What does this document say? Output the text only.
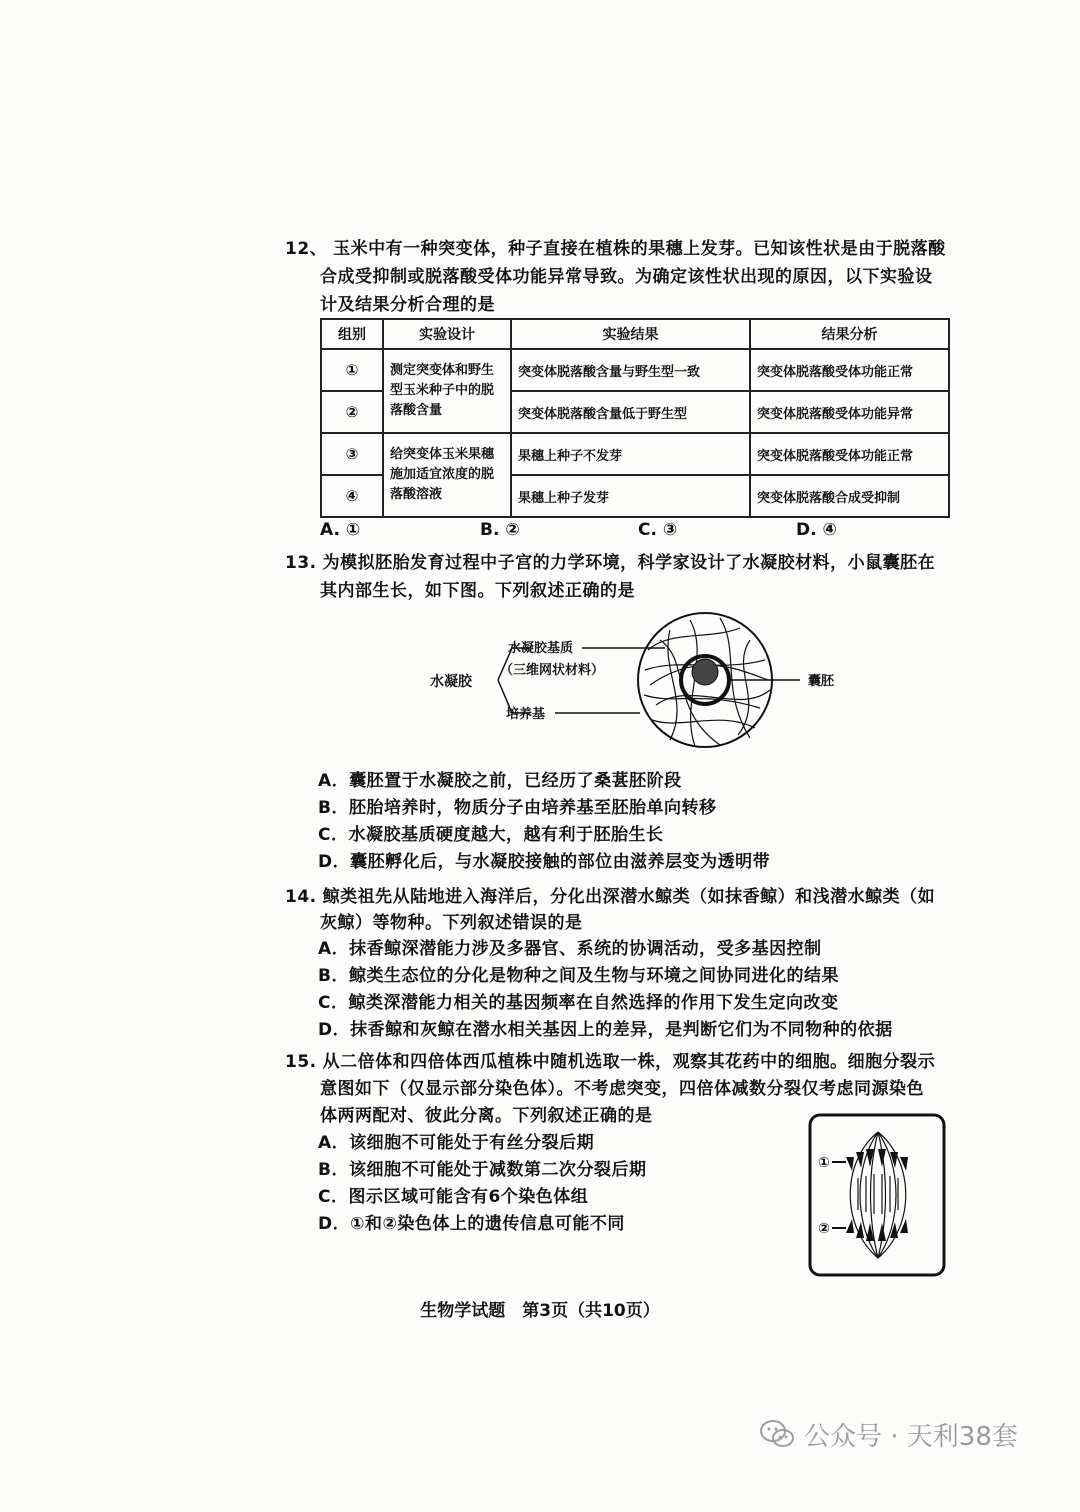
12、 玉米中有一种突变体，种子直接在植株的果穗上发芽。已知该性状是由于脱落酸
合成受抑制或脱落酸受体功能异常导致。为确定该性状出现的原因，以下实验设
计及结果分析合理的是
组别	实验设计	实验结果	结果分析
①	测定突变体和野生型玉米种子中的脱落酸含量	突变体脱落酸含量与野生型一致	突变体脱落酸受体功能正常
②		突变体脱落酸含量低于野生型	突变体脱落酸受体功能异常
③	给突变体玉米果穗施加适宜浓度的脱落酸溶液	果穗上种子不发芽	突变体脱落酸受体功能正常
④		果穗上种子发芽	突变体脱落酸合成受抑制
A. ①	B. ②	C. ③	D. ④
13. 为模拟胚胎发育过程中子宫的力学环境，科学家设计了水凝胶材料，小鼠囊胚在
其内部生长，如下图。下列叙述正确的是
水凝胶
水凝胶基质
（三维网状材料）
培养基
囊胚
A．囊胚置于水凝胶之前，已经历了桑葚胚阶段
B．胚胎培养时，物质分子由培养基至胚胎单向转移
C．水凝胶基质硬度越大，越有利于胚胎生长
D．囊胚孵化后，与水凝胶接触的部位由滋养层变为透明带
14. 鲸类祖先从陆地进入海洋后，分化出深潜水鲸类（如抹香鲸）和浅潜水鲸类（如
灰鲸）等物种。下列叙述错误的是
A．抹香鲸深潜能力涉及多器官、系统的协调活动，受多基因控制
B．鲸类生态位的分化是物种之间及生物与环境之间协同进化的结果
C．鲸类深潜能力相关的基因频率在自然选择的作用下发生定向改变
D．抹香鲸和灰鲸在潜水相关基因上的差异，是判断它们为不同物种的依据
15. 从二倍体和四倍体西瓜植株中随机选取一株，观察其花药中的细胞。细胞分裂示
意图如下（仅显示部分染色体）。不考虑突变，四倍体减数分裂仅考虑同源染色
体两两配对、彼此分离。下列叙述正确的是
A．该细胞不可能处于有丝分裂后期
B．该细胞不可能处于减数第二次分裂后期
C．图示区域可能含有6个染色体组
D．①和②染色体上的遗传信息可能不同
①
②
生物学试题　第3页（共10页）
公众号 · 天利38套
